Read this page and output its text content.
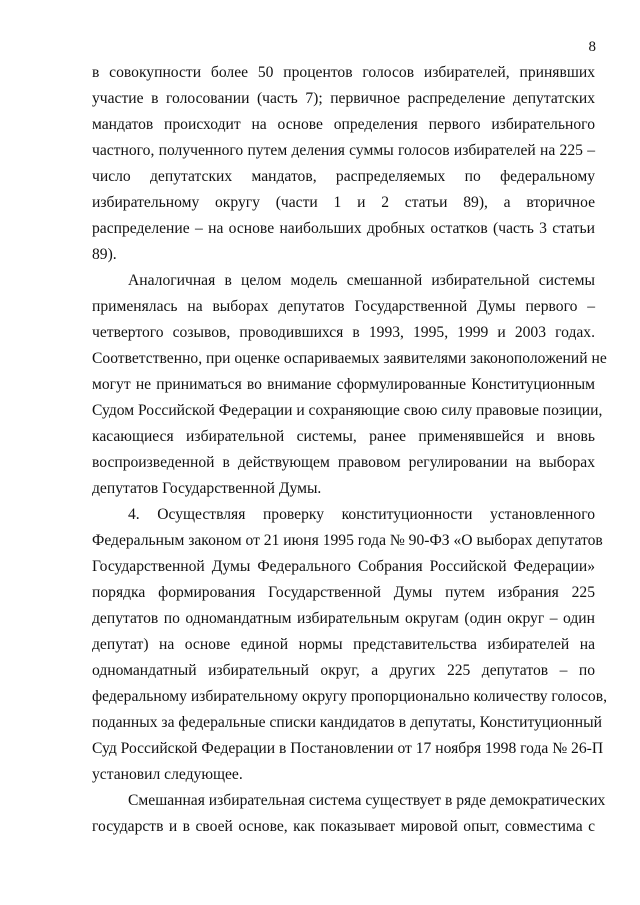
8
в совокупности более 50 процентов голосов избирателей, принявших
участие в голосовании (часть 7); первичное распределение депутатских
мандатов происходит на основе определения первого избирательного
частного, полученного путем деления суммы голосов избирателей на 225 –
число депутатских мандатов, распределяемых по федеральному
избирательному округу (части 1 и 2 статьи 89), а вторичное
распределение – на основе наибольших дробных остатков (часть 3 статьи
89).
Аналогичная в целом модель смешанной избирательной системы
применялась на выборах депутатов Государственной Думы первого –
четвертого созывов, проводившихся в 1993, 1995, 1999 и 2003 годах.
Соответственно, при оценке оспариваемых заявителями законоположений не
могут не приниматься во внимание сформулированные Конституционным
Судом Российской Федерации и сохраняющие свою силу правовые позиции,
касающиеся избирательной системы, ранее применявшейся и вновь
воспроизведенной в действующем правовом регулировании на выборах
депутатов Государственной Думы.
4. Осуществляя проверку конституционности установленного
Федеральным законом от 21 июня 1995 года № 90-ФЗ «О выборах депутатов
Государственной Думы Федерального Собрания Российской Федерации»
порядка формирования Государственной Думы путем избрания 225
депутатов по одномандатным избирательным округам (один округ – один
депутат) на основе единой нормы представительства избирателей на
одномандатный избирательный округ, а других 225 депутатов – по
федеральному избирательному округу пропорционально количеству голосов,
поданных за федеральные списки кандидатов в депутаты, Конституционный
Суд Российской Федерации в Постановлении от 17 ноября 1998 года № 26-П
установил следующее.
Смешанная избирательная система существует в ряде демократических
государств и в своей основе, как показывает мировой опыт, совместима с
